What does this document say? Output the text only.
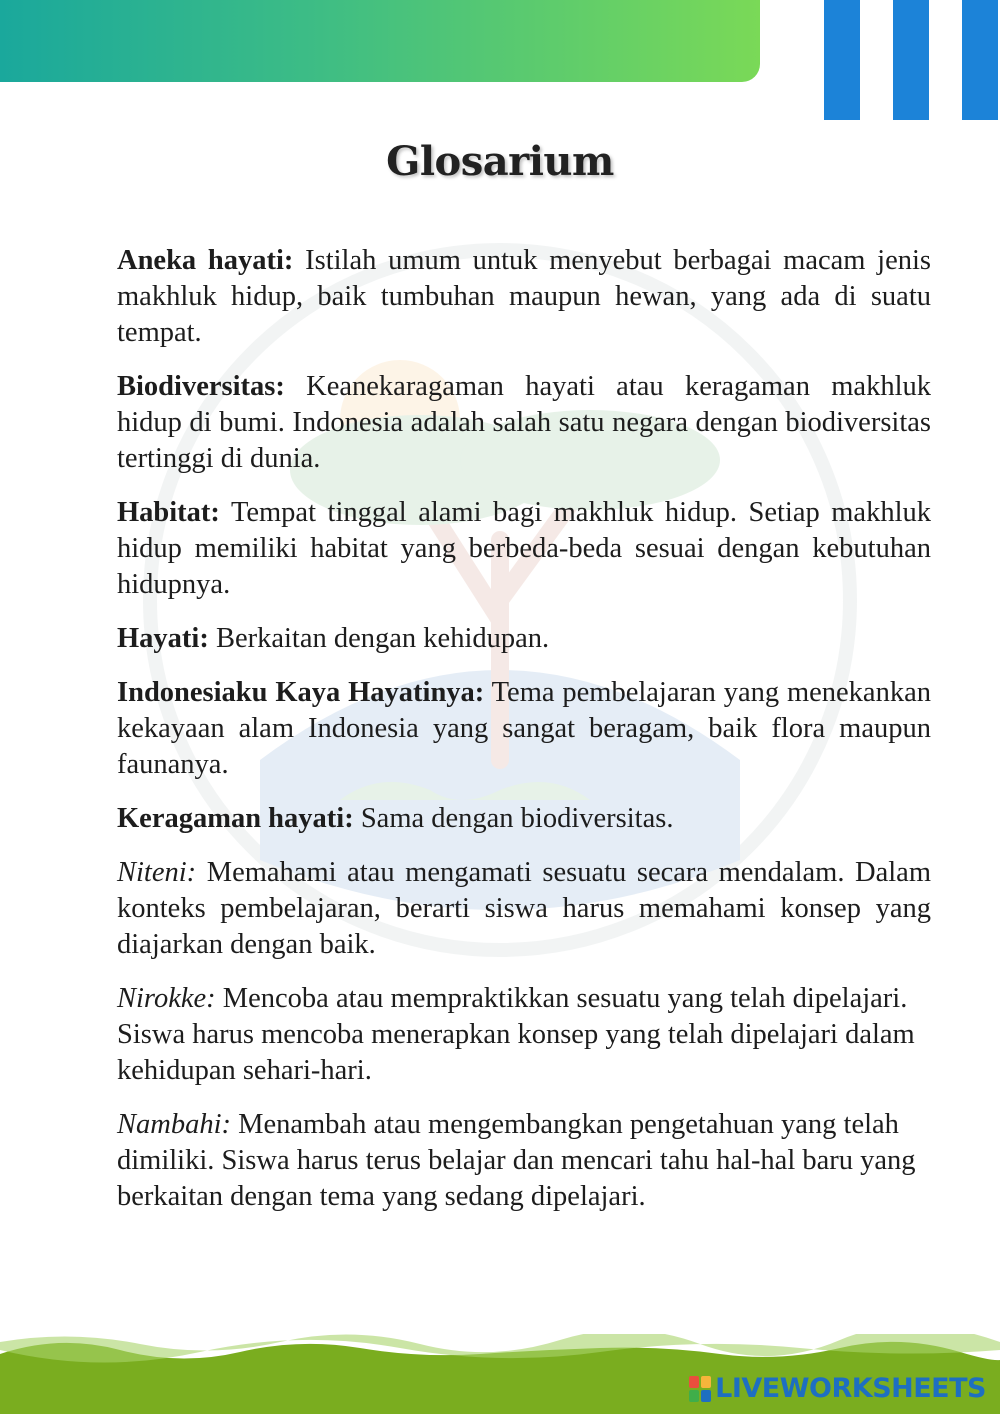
Glosarium

Aneka hayati: Istilah umum untuk menyebut berbagai macam jenis makhluk hidup, baik tumbuhan maupun hewan, yang ada di suatu tempat.

Biodiversitas: Keanekaragaman hayati atau keragaman makhluk hidup di bumi. Indonesia adalah salah satu negara dengan biodiversitas tertinggi di dunia.

Habitat: Tempat tinggal alami bagi makhluk hidup. Setiap makhluk hidup memiliki habitat yang berbeda-beda sesuai dengan kebutuhan hidupnya.

Hayati: Berkaitan dengan kehidupan.

Indonesiaku Kaya Hayatinya: Tema pembelajaran yang menekankan kekayaan alam Indonesia yang sangat beragam, baik flora maupun faunanya.

Keragaman hayati: Sama dengan biodiversitas.

Niteni: Memahami atau mengamati sesuatu secara mendalam. Dalam konteks pembelajaran, berarti siswa harus memahami konsep yang diajarkan dengan baik.

Nirokke: Mencoba atau mempraktikkan sesuatu yang telah dipelajari. Siswa harus mencoba menerapkan konsep yang telah dipelajari dalam kehidupan sehari-hari.

Nambahi: Menambah atau mengembangkan pengetahuan yang telah dimiliki. Siswa harus terus belajar dan mencari tahu hal-hal baru yang berkaitan dengan tema yang sedang dipelajari.

LIVEWORKSHEETS
